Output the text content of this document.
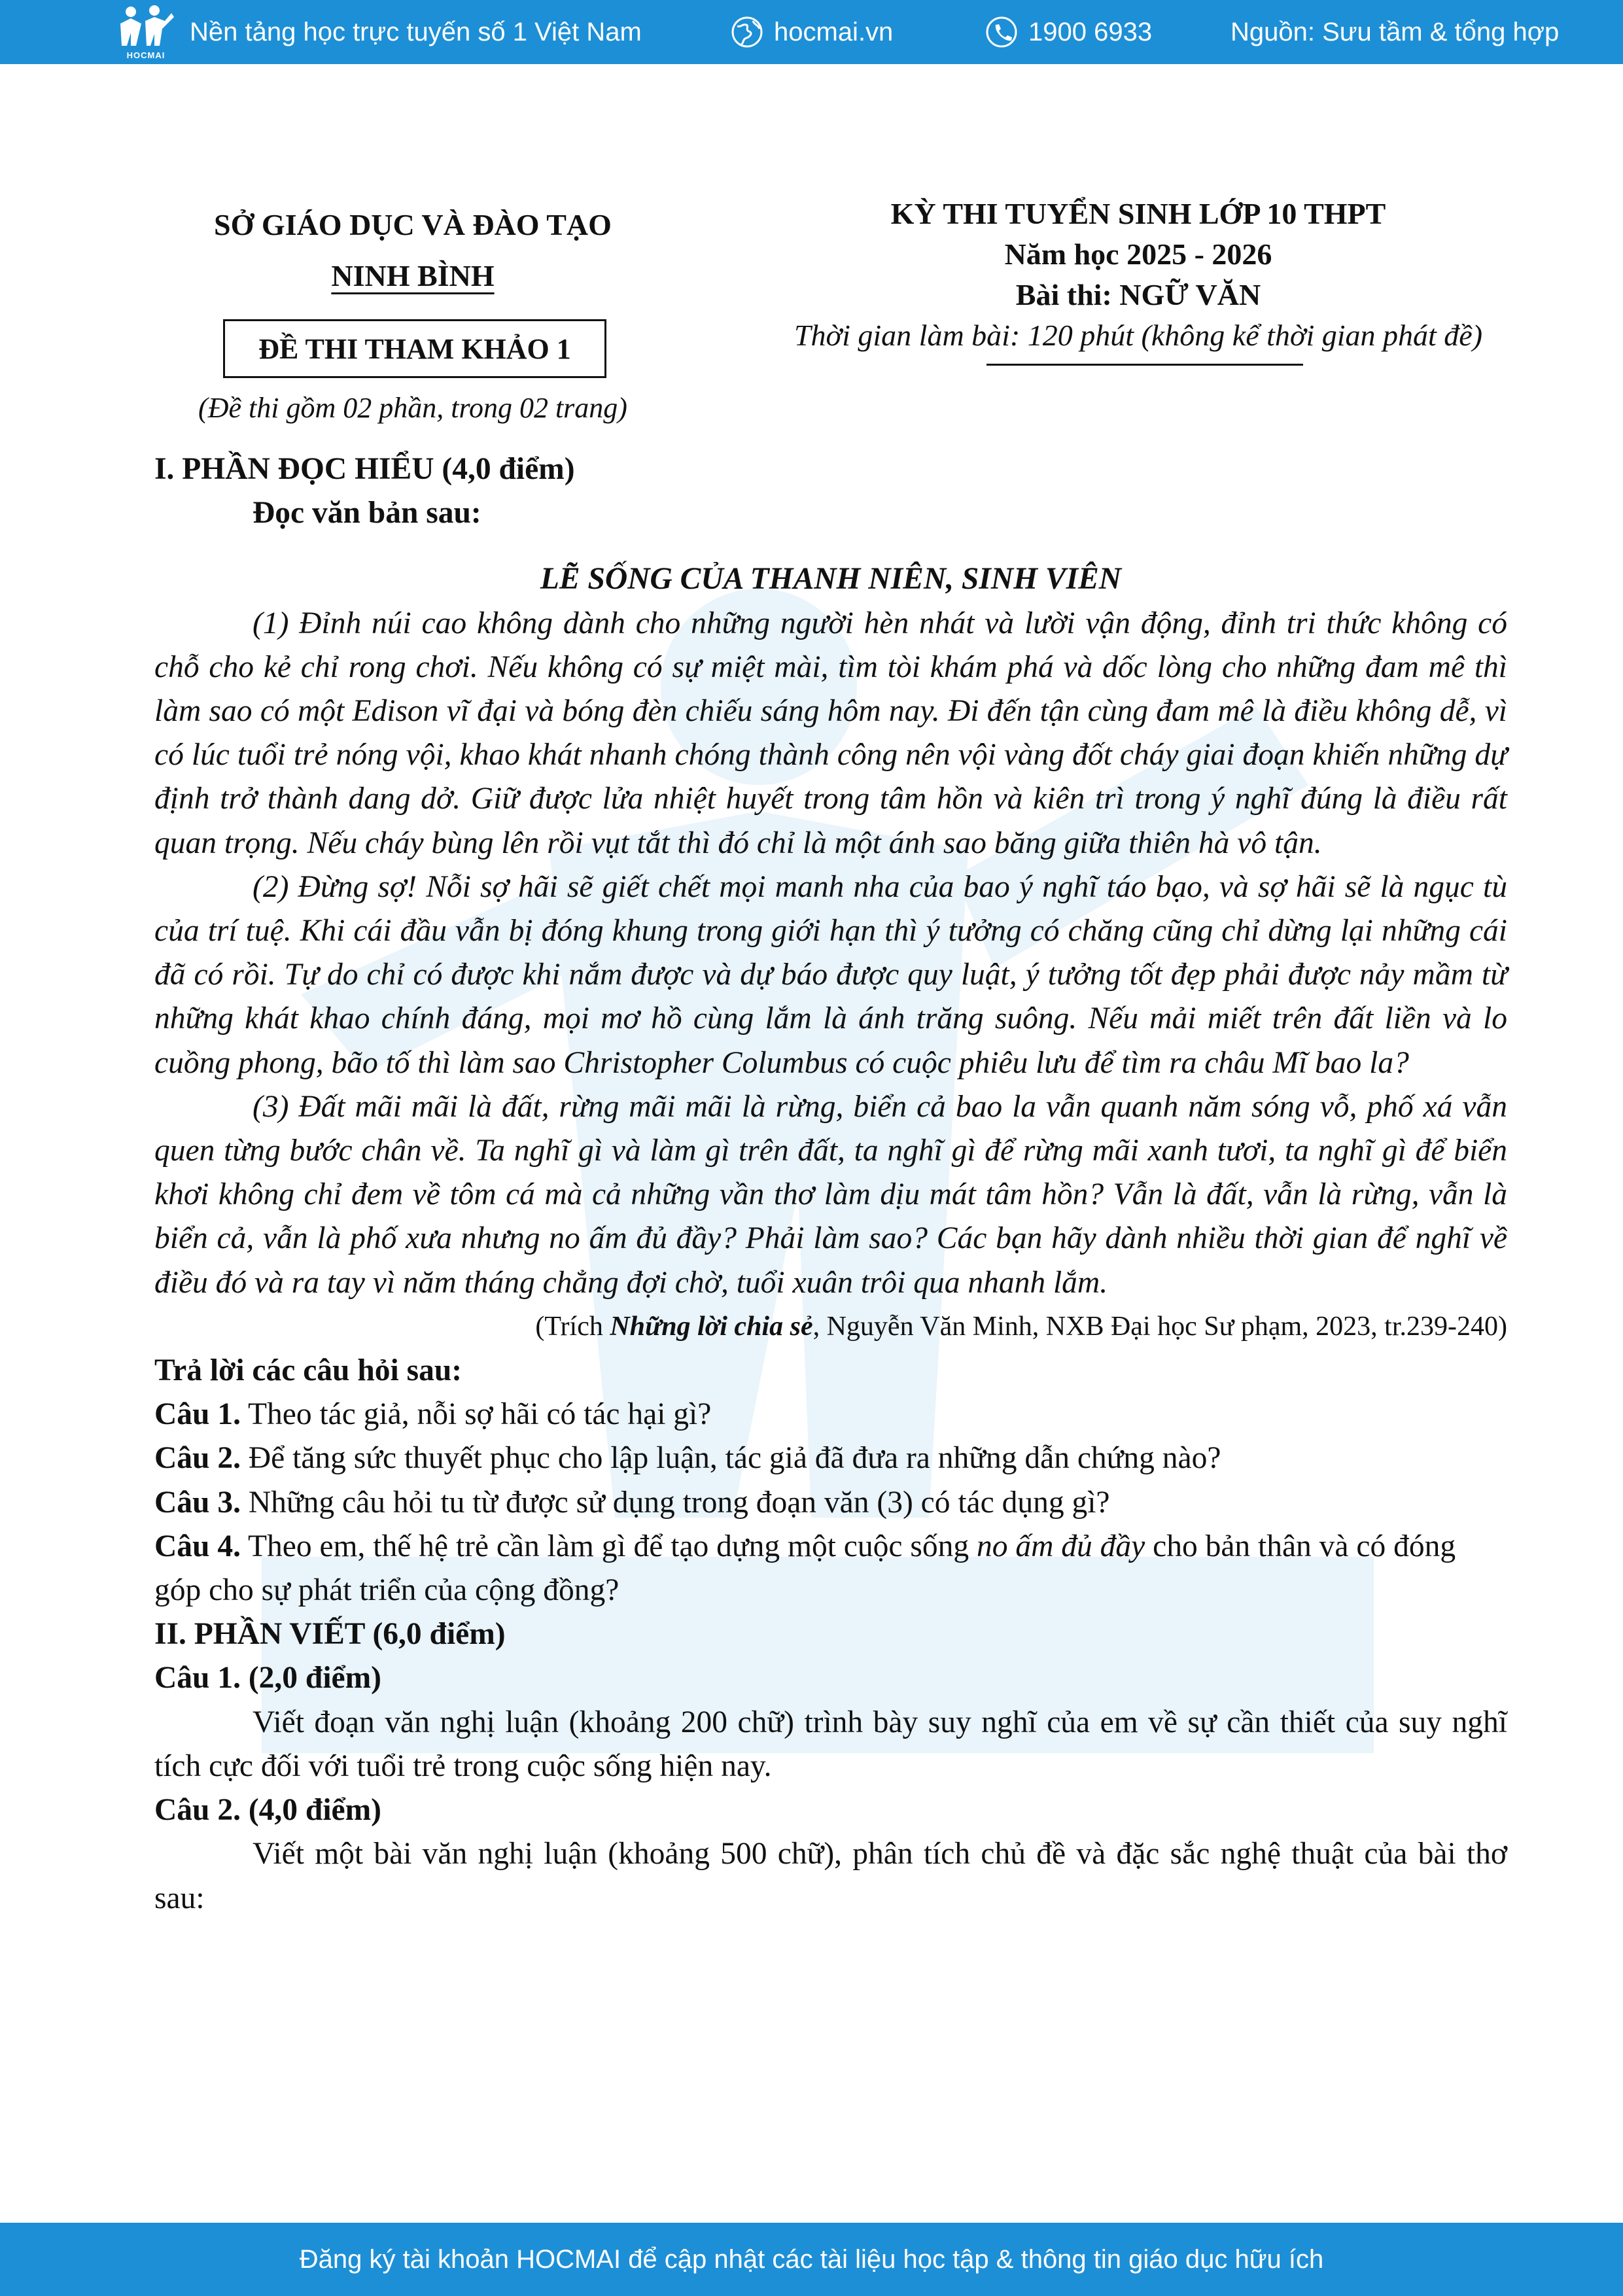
HOCMAI
Nền tảng học trực tuyến số 1 Việt Nam	hocmai.vn	1900 6933	Nguồn: Sưu tầm & tổng hợp
SỞ GIÁO DỤC VÀ ĐÀO TẠO
NINH BÌNH
ĐỀ THI THAM KHẢO 1
(Đề thi gồm 02 phần, trong 02 trang)
KỲ THI TUYỂN SINH LỚP 10 THPT
Năm học 2025 - 2026
Bài thi: NGỮ VĂN
Thời gian làm bài: 120 phút (không kể thời gian phát đề)

I. PHẦN ĐỌC HIỂU (4,0 điểm)

Đọc văn bản sau:

LẼ SỐNG CỦA THANH NIÊN, SINH VIÊN

(1) Đỉnh núi cao không dành cho những người hèn nhát và lười vận động, đỉnh tri thức không có chỗ cho kẻ chỉ rong chơi. Nếu không có sự miệt mài, tìm tòi khám phá và dốc lòng cho những đam mê thì làm sao có một Edison vĩ đại và bóng đèn chiếu sáng hôm nay. Đi đến tận cùng đam mê là điều không dễ, vì có lúc tuổi trẻ nóng vội, khao khát nhanh chóng thành công nên vội vàng đốt cháy giai đoạn khiến những dự định trở thành dang dở. Giữ được lửa nhiệt huyết trong tâm hồn và kiên trì trong ý nghĩ đúng là điều rất quan trọng. Nếu cháy bùng lên rồi vụt tắt thì đó chỉ là một ánh sao băng giữa thiên hà vô tận.

(2) Đừng sợ! Nỗi sợ hãi sẽ giết chết mọi manh nha của bao ý nghĩ táo bạo, và sợ hãi sẽ là ngục tù của trí tuệ. Khi cái đầu vẫn bị đóng khung trong giới hạn thì ý tưởng có chăng cũng chỉ dừng lại những cái đã có rồi. Tự do chỉ có được khi nắm được và dự báo được quy luật, ý tưởng tốt đẹp phải được nảy mầm từ những khát khao chính đáng, mọi mơ hồ cùng lắm là ánh trăng suông. Nếu mải miết trên đất liền và lo cuồng phong, bão tố thì làm sao Christopher Columbus có cuộc phiêu lưu để tìm ra châu Mĩ bao la?

(3) Đất mãi mãi là đất, rừng mãi mãi là rừng, biển cả bao la vẫn quanh năm sóng vỗ, phố xá vẫn quen từng bước chân về. Ta nghĩ gì và làm gì trên đất, ta nghĩ gì để rừng mãi xanh tươi, ta nghĩ gì để biển khơi không chỉ đem về tôm cá mà cả những vần thơ làm dịu mát tâm hồn? Vẫn là đất, vẫn là rừng, vẫn là biển cả, vẫn là phố xưa nhưng no ấm đủ đầy? Phải làm sao? Các bạn hãy dành nhiều thời gian để nghĩ về điều đó và ra tay vì năm tháng chẳng đợi chờ, tuổi xuân trôi qua nhanh lắm.

(Trích Những lời chia sẻ, Nguyễn Văn Minh, NXB Đại học Sư phạm, 2023, tr.239-240)

Trả lời các câu hỏi sau:

Câu 1. Theo tác giả, nỗi sợ hãi có tác hại gì?

Câu 2. Để tăng sức thuyết phục cho lập luận, tác giả đã đưa ra những dẫn chứng nào?

Câu 3. Những câu hỏi tu từ được sử dụng trong đoạn văn (3) có tác dụng gì?

Câu 4. Theo em, thế hệ trẻ cần làm gì để tạo dựng một cuộc sống no ấm đủ đầy cho bản thân và có đóng góp cho sự phát triển của cộng đồng?

II. PHẦN VIẾT (6,0 điểm)

Câu 1. (2,0 điểm)

Viết đoạn văn nghị luận (khoảng 200 chữ) trình bày suy nghĩ của em về sự cần thiết của suy nghĩ tích cực đối với tuổi trẻ trong cuộc sống hiện nay.

Câu 2. (4,0 điểm)

Viết một bài văn nghị luận (khoảng 500 chữ), phân tích chủ đề và đặc sắc nghệ thuật của bài thơ sau:

Đăng ký tài khoản HOCMAI để cập nhật các tài liệu học tập & thông tin giáo dục hữu ích
